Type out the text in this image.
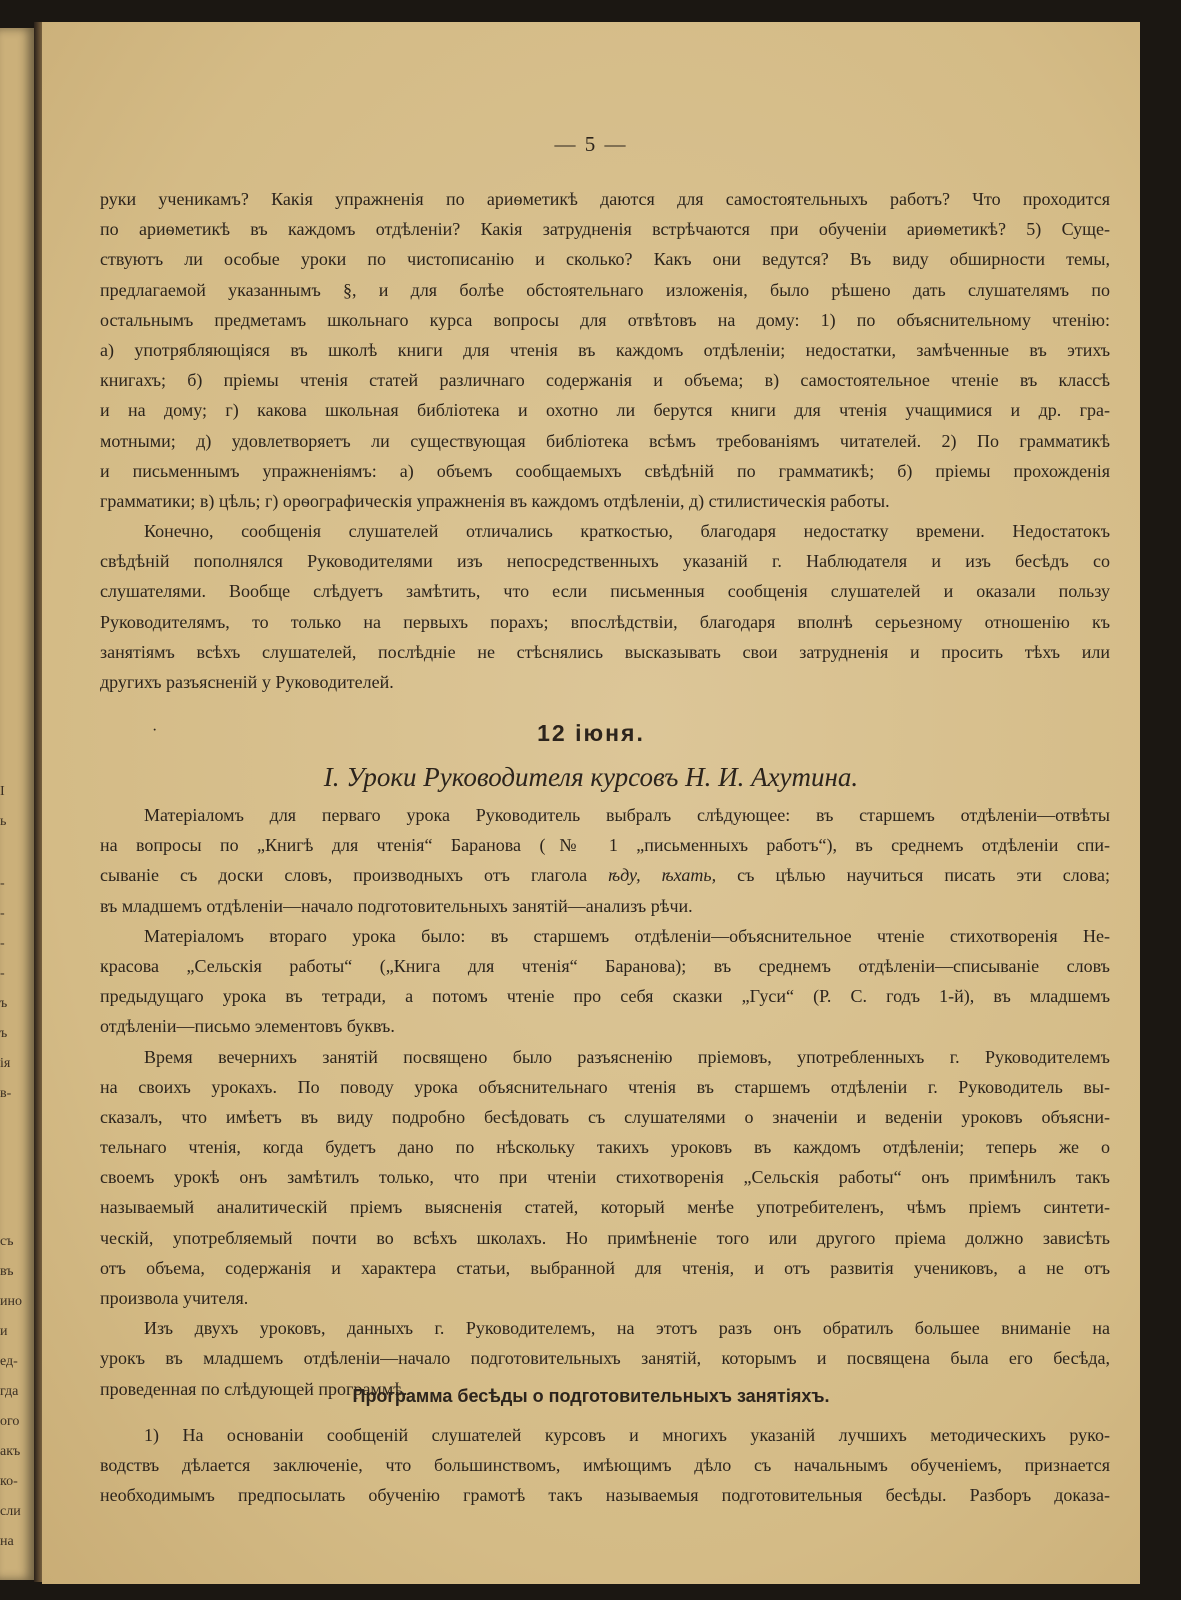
I
ь
-
-
-
-
ъ
ъ
ія
в-
съ
въ
ино
и
ед-
гда
ого
акъ
ко-
сли
на
— 5 —
руки ученикамъ? Какія упражненія по ариѳметикѣ даются для самостоятельныхъ работъ? Что проходится
по ариѳметикѣ въ каждомъ отдѣленіи? Какія затрудненія встрѣчаются при обученіи ариѳметикѣ? 5) Суще-
ствуютъ ли особые уроки по чистописанію и сколько? Какъ они ведутся? Въ виду обширности темы,
предлагаемой указаннымъ §, и для болѣе обстоятельнаго изложенія, было рѣшено дать слушателямъ по
остальнымъ предметамъ школьнаго курса вопросы для отвѣтовъ на дому: 1) по объяснительному чтенію:
а) употрябляющіяся въ школѣ книги для чтенія въ каждомъ отдѣленіи; недостатки, замѣченные въ этихъ
книгахъ; б) пріемы чтенія статей различнаго содержанія и объема; в) самостоятельное чтеніе въ классѣ
и на дому; г) какова школьная библіотека и охотно ли берутся книги для чтенія учащимися и др. гра-
мотными; д) удовлетворяетъ ли существующая библіотека всѣмъ требованіямъ читателей. 2) По грамматикѣ
и письменнымъ упражненіямъ: а) объемъ сообщаемыхъ свѣдѣній по грамматикѣ; б) пріемы прохожденія
грамматики; в) цѣль; г) орѳографическія упражненія въ каждомъ отдѣленіи, д) стилистическія работы.
Конечно, сообщенія слушателей отличались краткостью, благодаря недостатку времени. Недостатокъ
свѣдѣній пополнялся Руководителями изъ непосредственныхъ указаній г. Наблюдателя и изъ бесѣдъ со
слушателями. Вообще слѣдуетъ замѣтить, что если письменныя сообщенія слушателей и оказали пользу
Руководителямъ, то только на первыхъ порахъ; впослѣдствіи, благодаря вполнѣ серьезному отношенію къ
занятіямъ всѣхъ слушателей, послѣдніе не стѣснялись высказывать свои затрудненія и просить тѣхъ или
другихъ разъясненій у Руководителей.
·	12 іюня.
I. Уроки Руководителя курсовъ Н. И. Ахутина.
Матеріаломъ для перваго урока Руководитель выбралъ слѣдующее: въ старшемъ отдѣленіи—отвѣты
на вопросы по „Книгѣ для чтенія“ Баранова (№ 1 „письменныхъ работъ“), въ среднемъ отдѣленіи спи-
сываніе съ доски словъ, производныхъ отъ глагола ѣду, ѣхать, съ цѣлью научиться писать эти слова;
въ младшемъ отдѣленіи—начало подготовительныхъ занятій—анализъ рѣчи.
Матеріаломъ втораго урока было: въ старшемъ отдѣленіи—объяснительное чтеніе стихотворенія Не-
красова „Сельскія работы“ („Книга для чтенія“ Баранова); въ среднемъ отдѣленіи—списываніе словъ
предыдущаго урока въ тетради, а потомъ чтеніе про себя сказки „Гуси“ (Р. С. годъ 1-й), въ младшемъ
отдѣленіи—письмо элементовъ буквъ.
Время вечернихъ занятій посвящено было разъясненію пріемовъ, употребленныхъ г. Руководителемъ
на своихъ урокахъ. По поводу урока объяснительнаго чтенія въ старшемъ отдѣленіи г. Руководитель вы-
сказалъ, что имѣетъ въ виду подробно бесѣдовать съ слушателями о значеніи и веденіи уроковъ объясни-
тельнаго чтенія, когда будетъ дано по нѣскольку такихъ уроковъ въ каждомъ отдѣленіи; теперь же о
своемъ урокѣ онъ замѣтилъ только, что при чтеніи стихотворенія „Сельскія работы“ онъ примѣнилъ такъ
называемый аналитическій пріемъ выясненія статей, который менѣе употребителенъ, чѣмъ пріемъ синтети-
ческій, употребляемый почти во всѣхъ школахъ. Но примѣненіе того или другого пріема должно зависѣть
отъ объема, содержанія и характера статьи, выбранной для чтенія, и отъ развитія учениковъ, а не отъ
произвола учителя.
Изъ двухъ уроковъ, данныхъ г. Руководителемъ, на этотъ разъ онъ обратилъ большее вниманіе на
урокъ въ младшемъ отдѣленіи—начало подготовительныхъ занятій, которымъ и посвящена была его бесѣда,
проведенная по слѣдующей программѣ.
Программа бесѣды о подготовительныхъ занятіяхъ.
1) На основаніи сообщеній слушателей курсовъ и многихъ указаній лучшихъ методическихъ руко-
водствъ дѣлается заключеніе, что большинствомъ, имѣющимъ дѣло съ начальнымъ обученіемъ, признается
необходимымъ предпосылать обученію грамотѣ такъ называемыя подготовительныя бесѣды. Разборъ доказа-
